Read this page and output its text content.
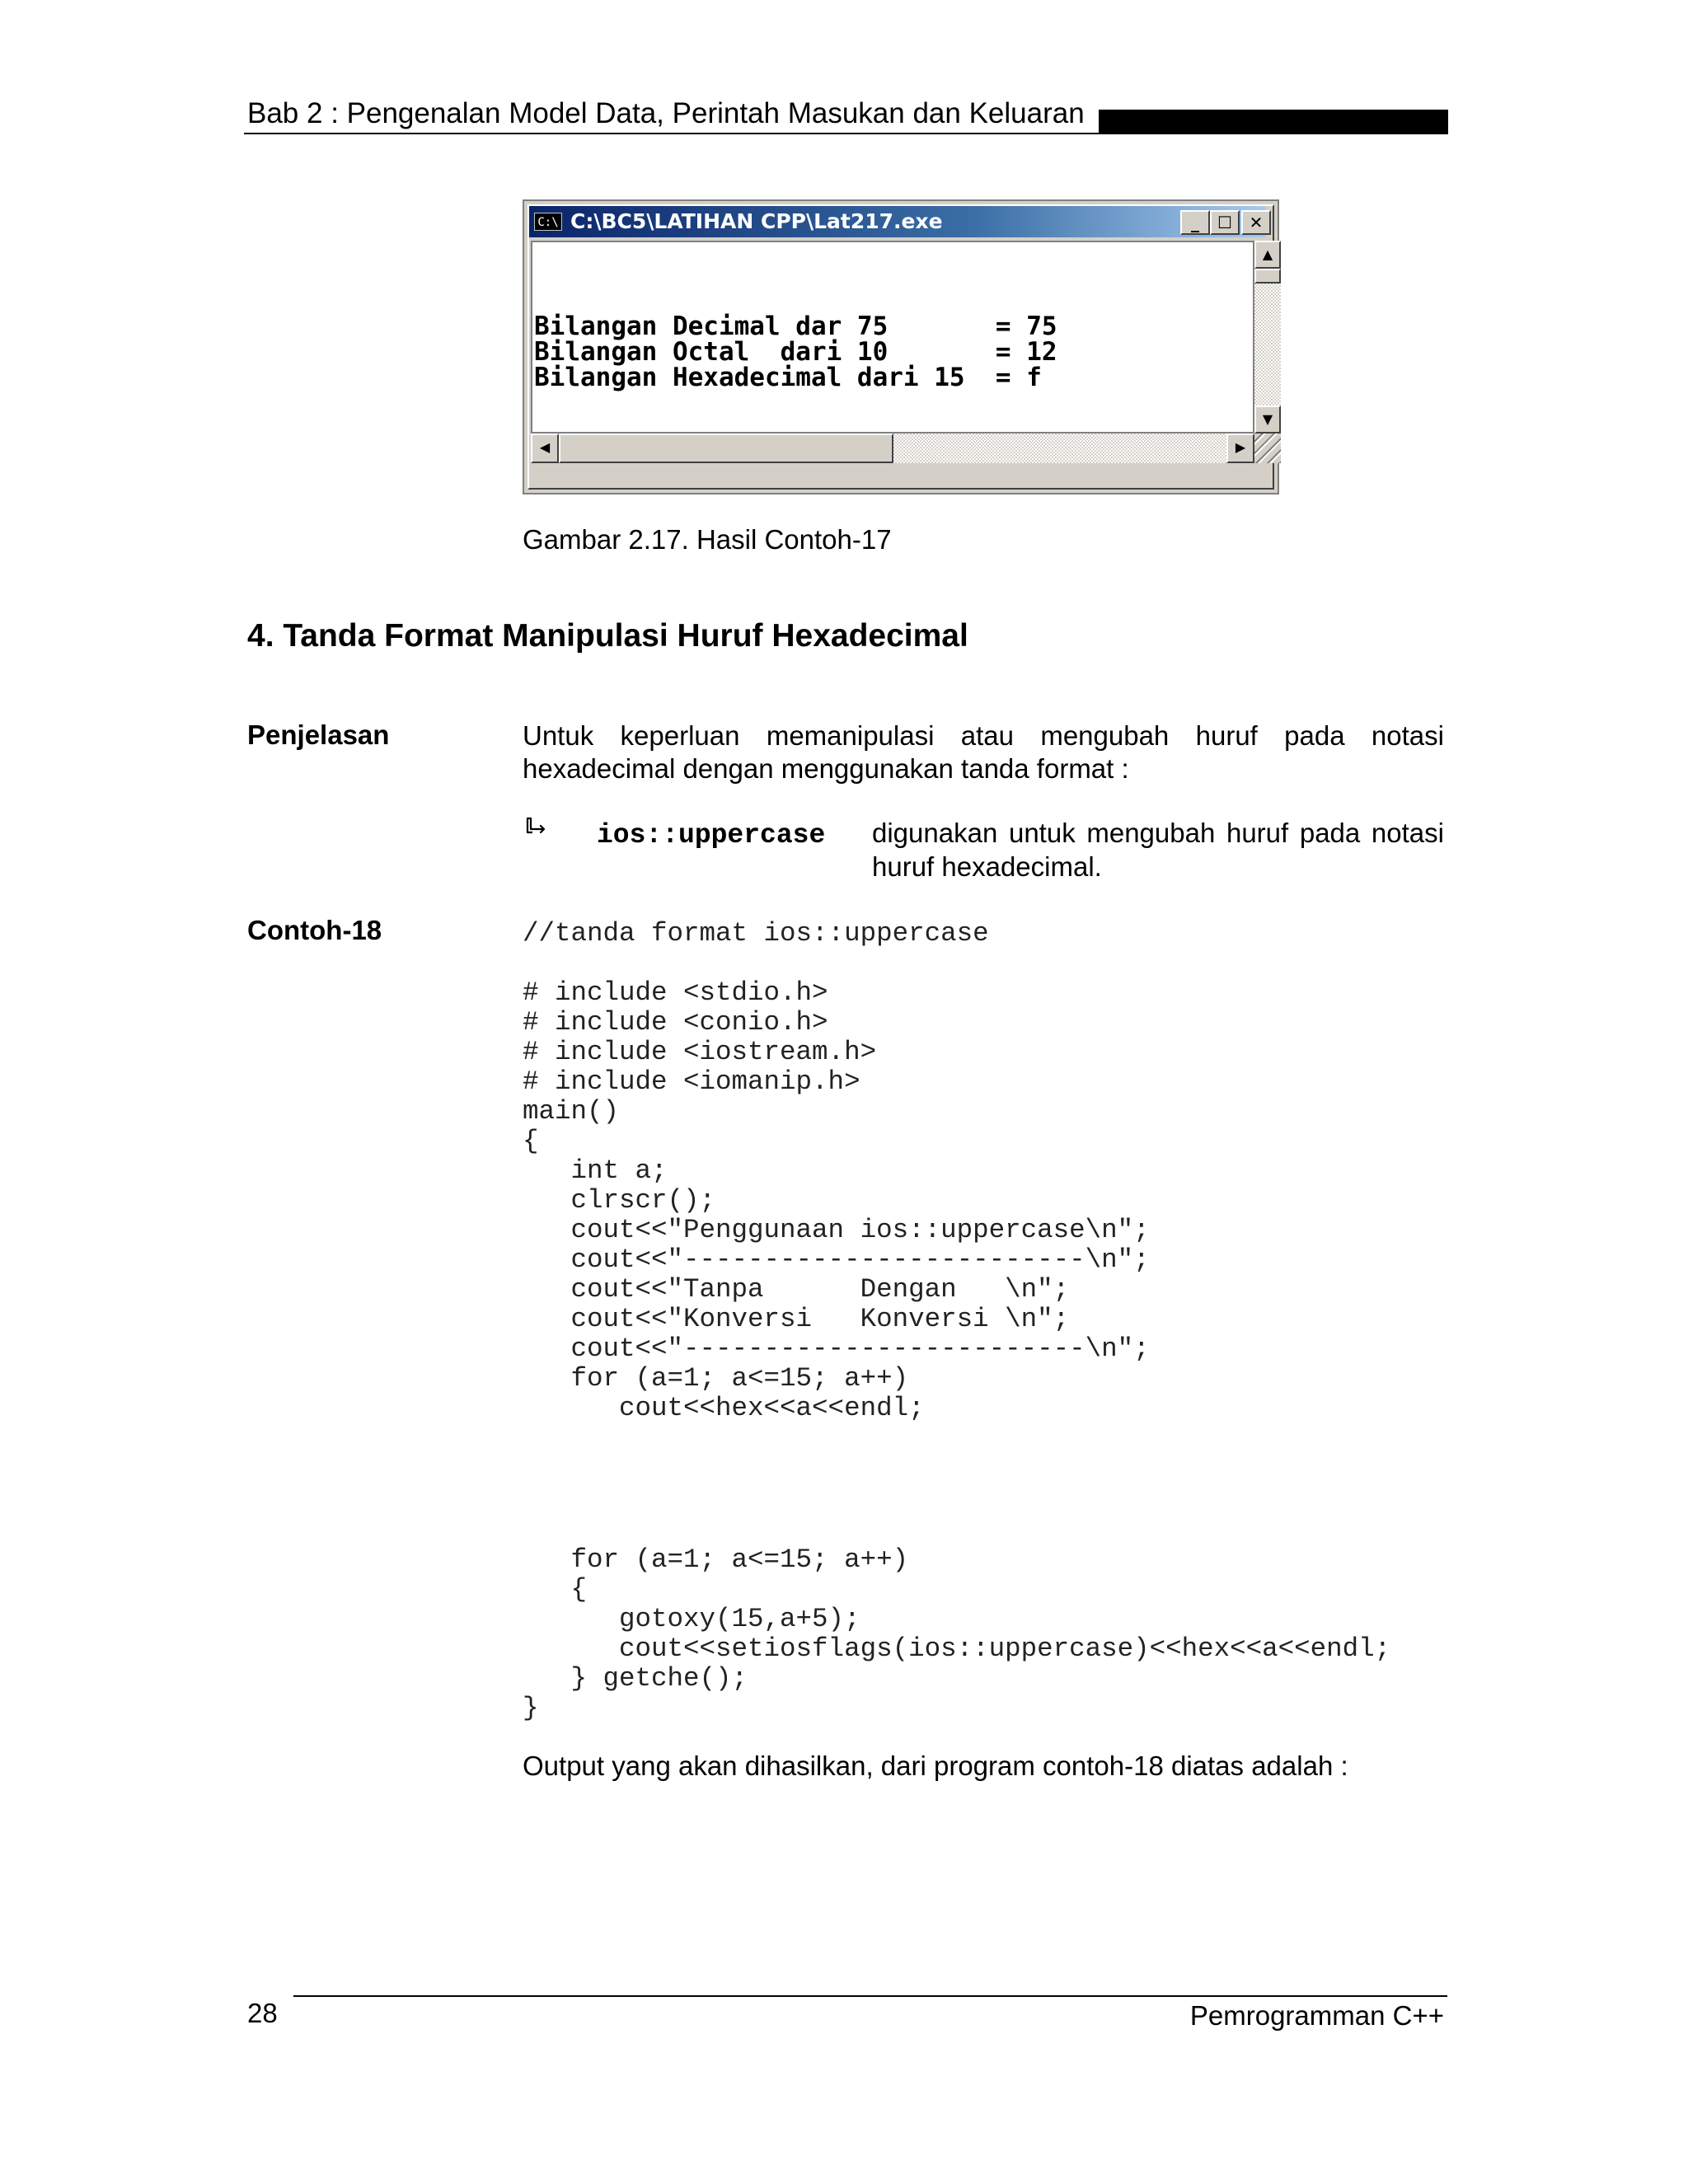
Bab 2 : Pengenalan Model Data, Perintah Masukan dan Keluaran
C:\ C:\BC5\LATIHAN CPP\Lat217.exe	_	☐	✕

Bilangan Decimal dar 75       = 75
Bilangan Octal  dari 10       = 12
Bilangan Hexadecimal dari 15  = f
▲
▼
◀	▶
Gambar 2.17. Hasil Contoh-17
4. Tanda Format Manipulasi Huruf Hexadecimal
Penjelasan	Untuk keperluan memanipulasi atau mengubah huruf pada notasi hexadecimal dengan menggunakan tanda format :
ios::uppercase digunakan untuk mengubah huruf pada notasi huruf hexadecimal.
Contoh-18	//tanda format ios::uppercase
# include <stdio.h>
# include <conio.h>
# include <iostream.h>
# include <iomanip.h>
main()
{
int a;
clrscr();
cout<<"Penggunaan ios::uppercase\n";
cout<<"-------------------------\n";
cout<<"Tanpa      Dengan   \n";
cout<<"Konversi   Konversi \n";
cout<<"-------------------------\n";
for (a=1; a<=15; a++)
cout<<hex<<a<<endl;
for (a=1; a<=15; a++)
{
gotoxy(15,a+5);
cout<<setiosflags(ios::uppercase)<<hex<<a<<endl;
} getche();
}
Output yang akan dihasilkan, dari program contoh-18 diatas adalah :
28	Pemrogramman C++
